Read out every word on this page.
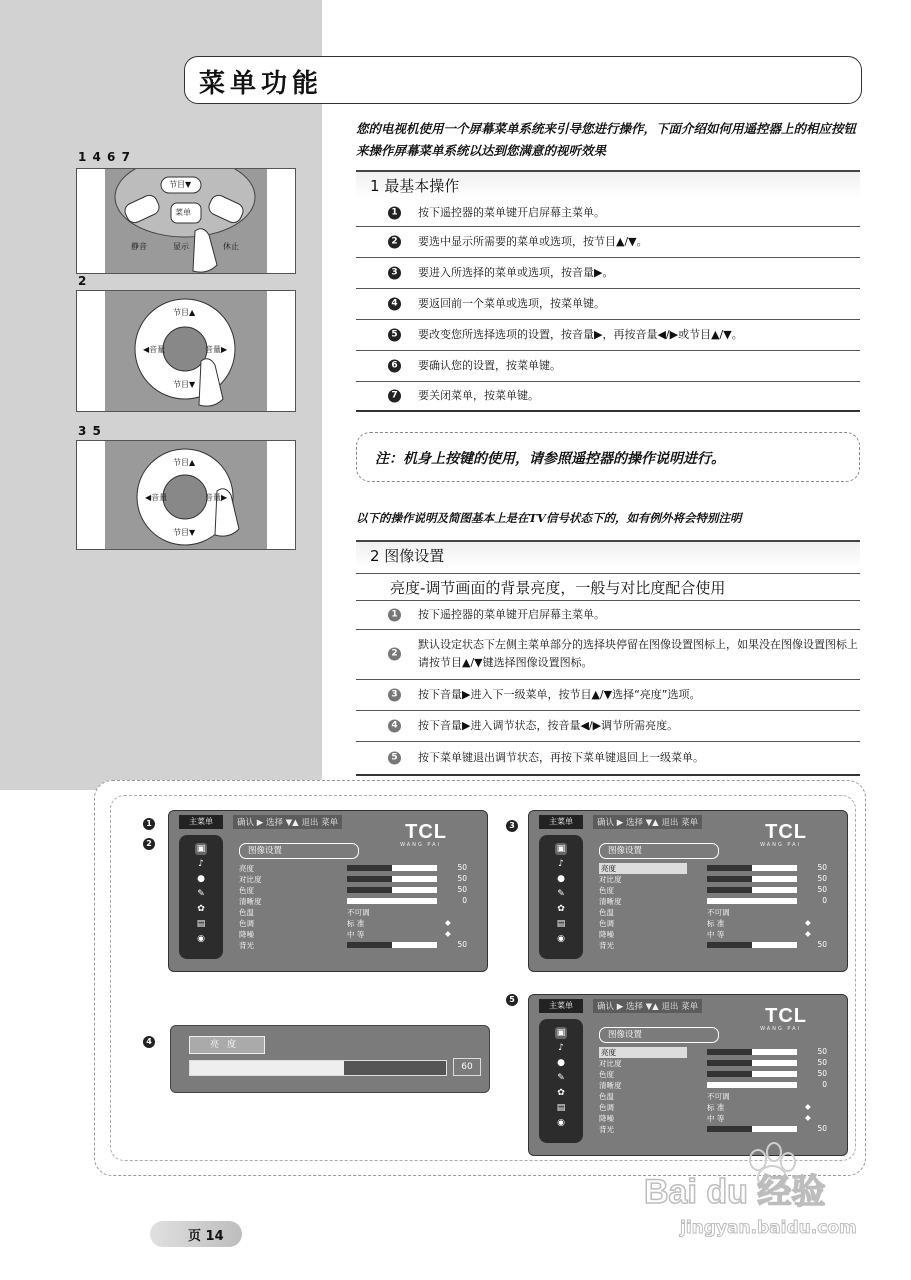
菜单功能
您的电视机使用一个屏幕菜单系统来引导您进行操作，下面介绍如何用遥控器上的相应按钮来操作屏幕菜单系统以达到您满意的视听效果
1 最基本操作
1	按下遥控器的菜单键开启屏幕主菜单。
2	要选中显示所需要的菜单或选项，按节目▲/▼。
3	要进入所选择的菜单或选项，按音量▶。
4	要返回前一个菜单或选项，按菜单键。
5	要改变您所选择选项的设置，按音量▶，再按音量◀/▶或节目▲/▼。
6	要确认您的设置，按菜单键。
7	要关闭菜单，按菜单键。
注：机身上按键的使用，请参照遥控器的操作说明进行。
以下的操作说明及简图基本上是在TV信号状态下的，如有例外将会特别注明
2 图像设置
亮度-调节画面的背景亮度，一般与对比度配合使用
1	按下遥控器的菜单键开启屏幕主菜单。
2
默认设定状态下左侧主菜单部分的选择块停留在图像设置图标上，如果没在图像设置图标上请按节目▲/▼键选择图像设置图标。
3	按下音量▶进入下一级菜单，按节目▲/▼选择“亮度”选项。
4	按下音量▶进入调节状态，按音量◀/▶调节所需亮度。
5	按下菜单键退出调节状态，再按下菜单键退回上一级菜单。
1 4 6 7
节目▼
菜单
静音	显示	休止
2
节目▲
◀音量	音量▶
节目▼
3 5
节目▲
◀音量	音量▶
节目▼
1
2
3
5
4
主菜单	确认 ▶ 选择 ▼▲ 退出 菜单	TCL
WANG PAI
▣
♪
●
✎
✿
▤
◉
图像设置
亮度	50
对比度	50
色度	50
清晰度	0
色温	不可调
色调	标 准	◆
降噪	中 等	◆
背光	50
主菜单	确认 ▶ 选择 ▼▲ 退出 菜单	TCL
WANG PAI
▣
♪
●
✎
✿
▤
◉
图像设置
亮度	50
对比度	50
色度	50
清晰度	0
色温	不可调
色调	标 准	◆
降噪	中 等	◆
背光	50
主菜单	确认 ▶ 选择 ▼▲ 退出 菜单	TCL
WANG PAI
▣
♪
●
✎
✿
▤
◉
图像设置
亮度	50
对比度	50
色度	50
清晰度	0
色温	不可调
色调	标 准	◆
降噪	中 等	◆
背光	50
亮度
60
Bai du 经验
jingyan.baidu.com
页 14
